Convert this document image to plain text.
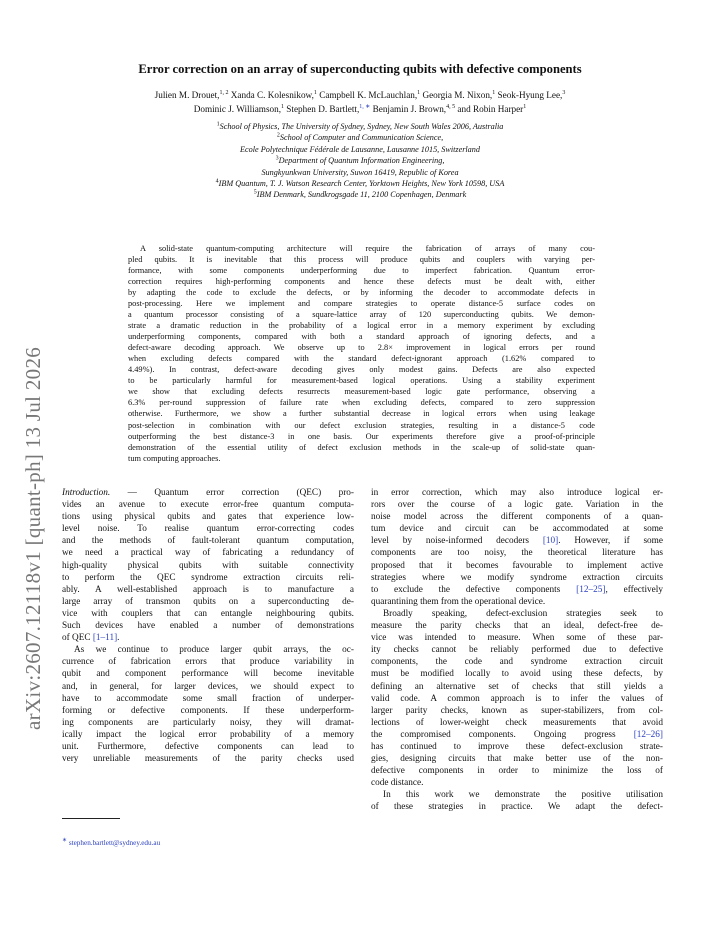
arXiv:2607.12118v1 [quant-ph] 13 Jul 2026
Error correction on an array of superconducting qubits with defective components
Julien M. Drouet,$^{1, 2}$ Xanda C. Kolesnikow,$^1$ Campbell K. McLauchlan,$^1$ Georgia M. Nixon,$^1$ Seok-Hyung Lee,$^3$
Dominic J. Williamson,$^1$ Stephen D. Bartlett,$^{1, ∗}$ Benjamin J. Brown,$^{4, 5}$ and Robin Harper$^1$
$^1$School of Physics, The University of Sydney, Sydney, New South Wales 2006, Australia
$^2$School of Computer and Communication Science,
Ecole Polytechnique Fédérale de Lausanne, Lausanne 1015, Switzerland
$^3$Department of Quantum Information Engineering,
Sungkyunkwan University, Suwon 16419, Republic of Korea
$^4$IBM Quantum, T. J. Watson Research Center, Yorktown Heights, New York 10598, USA
$^5$IBM Denmark, Sundkrogsgade 11, 2100 Copenhagen, Denmark
A solid-state quantum-computing architecture will require the fabrication of arrays of many cou-
pled qubits. It is inevitable that this process will produce qubits and couplers with varying per-
formance, with some components underperforming due to imperfect fabrication. Quantum error-
correction requires high-performing components and hence these defects must be dealt with, either
by adapting the code to exclude the defects, or by informing the decoder to accommodate defects in
post-processing. Here we implement and compare strategies to operate distance-5 surface codes on
a quantum processor consisting of a square-lattice array of 120 superconducting qubits. We demon-
strate a dramatic reduction in the probability of a logical error in a memory experiment by excluding
underperforming components, compared with both a standard approach of ignoring defects, and a
defect-aware decoding approach. We observe up to 2.8× improvement in logical errors per round
when excluding defects compared with the standard defect-ignorant approach (1.62% compared to
4.49%). In contrast, defect-aware decoding gives only modest gains. Defects are also expected
to be particularly harmful for measurement-based logical operations. Using a stability experiment
we show that excluding defects resurrects measurement-based logic gate performance, observing a
6.3% per-round suppression of failure rate when excluding defects, compared to zero suppression
otherwise. Furthermore, we show a further substantial decrease in logical errors when using leakage
post-selection in combination with our defect exclusion strategies, resulting in a distance-5 code
outperforming the best distance-3 in one basis. Our experiments therefore give a proof-of-principle
demonstration of the essential utility of defect exclusion methods in the scale-up of solid-state quan-
tum computing approaches.
Introduction. — Quantum error correction (QEC) pro-
vides an avenue to execute error-free quantum computa-
tions using physical qubits and gates that experience low-
level noise. To realise quantum error-correcting codes
and the methods of fault-tolerant quantum computation,
we need a practical way of fabricating a redundancy of
high-quality physical qubits with suitable connectivity
to perform the QEC syndrome extraction circuits reli-
ably. A well-established approach is to manufacture a
large array of transmon qubits on a superconducting de-
vice with couplers that can entangle neighbouring qubits.
Such devices have enabled a number of demonstrations
of QEC [1–11].
As we continue to produce larger qubit arrays, the oc-
currence of fabrication errors that produce variability in
qubit and component performance will become inevitable
and, in general, for larger devices, we should expect to
have to accommodate some small fraction of underper-
forming or defective components. If these underperform-
ing components are particularly noisy, they will dramat-
ically impact the logical error probability of a memory
unit. Furthermore, defective components can lead to
very unreliable measurements of the parity checks used
in error correction, which may also introduce logical er-
rors over the course of a logic gate. Variation in the
noise model across the different components of a quan-
tum device and circuit can be accommodated at some
level by noise-informed decoders [10]. However, if some
components are too noisy, the theoretical literature has
proposed that it becomes favourable to implement active
strategies where we modify syndrome extraction circuits
to exclude the defective components [12–25], effectively
quarantining them from the operational device.
Broadly speaking, defect-exclusion strategies seek to
measure the parity checks that an ideal, defect-free de-
vice was intended to measure. When some of these par-
ity checks cannot be reliably performed due to defective
components, the code and syndrome extraction circuit
must be modified locally to avoid using these defects, by
defining an alternative set of checks that still yields a
valid code. A common approach is to infer the values of
larger parity checks, known as super-stabilizers, from col-
lections of lower-weight check measurements that avoid
the compromised components. Ongoing progress [12–26]
has continued to improve these defect-exclusion strate-
gies, designing circuits that make better use of the non-
defective components in order to minimize the loss of
code distance.
In this work we demonstrate the positive utilisation
of these strategies in practice. We adapt the defect-
∗ stephen.bartlett@sydney.edu.au
